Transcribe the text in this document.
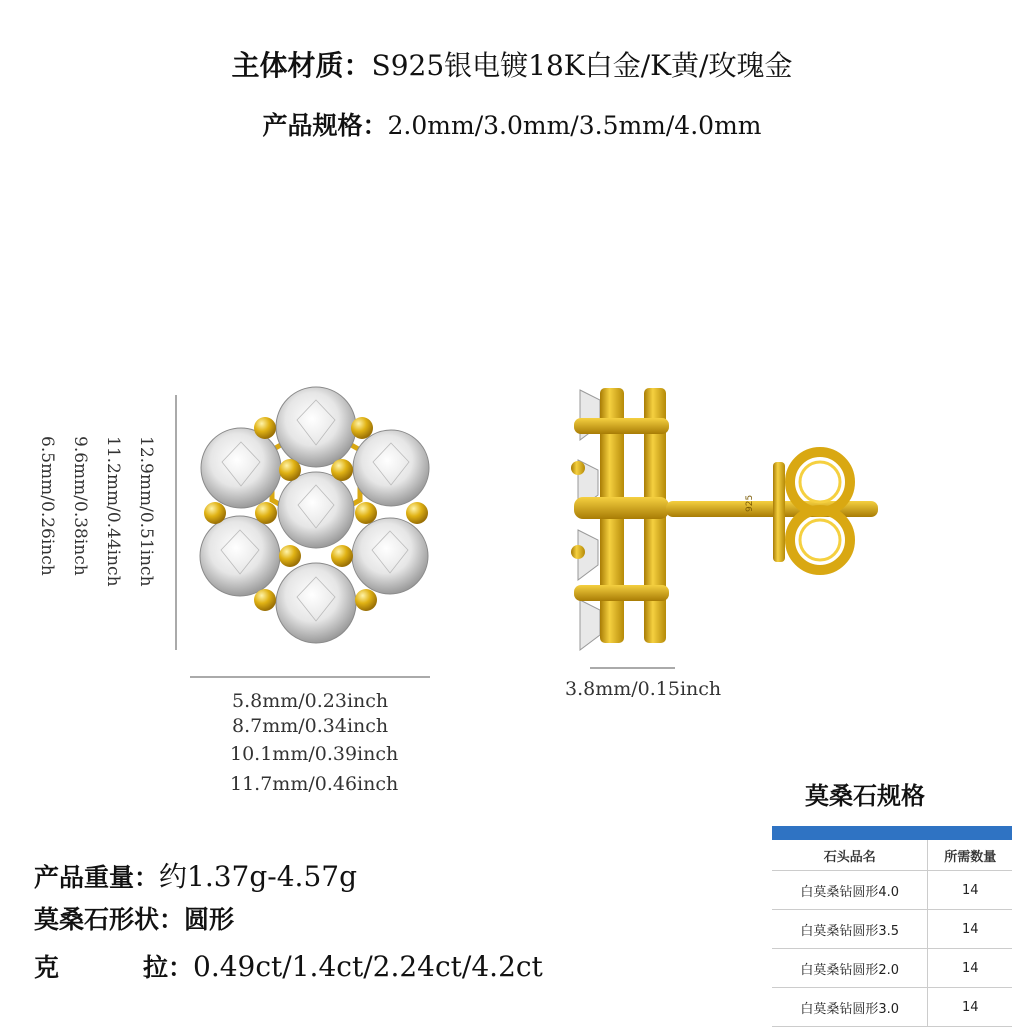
主体材质：S925银电镀18K白金/K黄/玫瑰金
产品规格：2.0mm/3.0mm/3.5mm/4.0mm
12.9mm/0.51inch
11.2mm/0.44inch
9.6mm/0.38inch
6.5mm/0.26inch
5.8mm/0.23inch
8.7mm/0.34inch
10.1mm/0.39inch
11.7mm/0.46inch
925
3.8mm/0.15inch
产品重量：约1.37g-4.57g
莫桑石形状：圆形
克	拉：0.49ct/1.4ct/2.24ct/4.2ct
莫桑石规格
石头品名	所需数量
白莫桑钻圆形4.0	14
白莫桑钻圆形3.5	14
白莫桑钻圆形2.0	14
白莫桑钻圆形3.0	14
